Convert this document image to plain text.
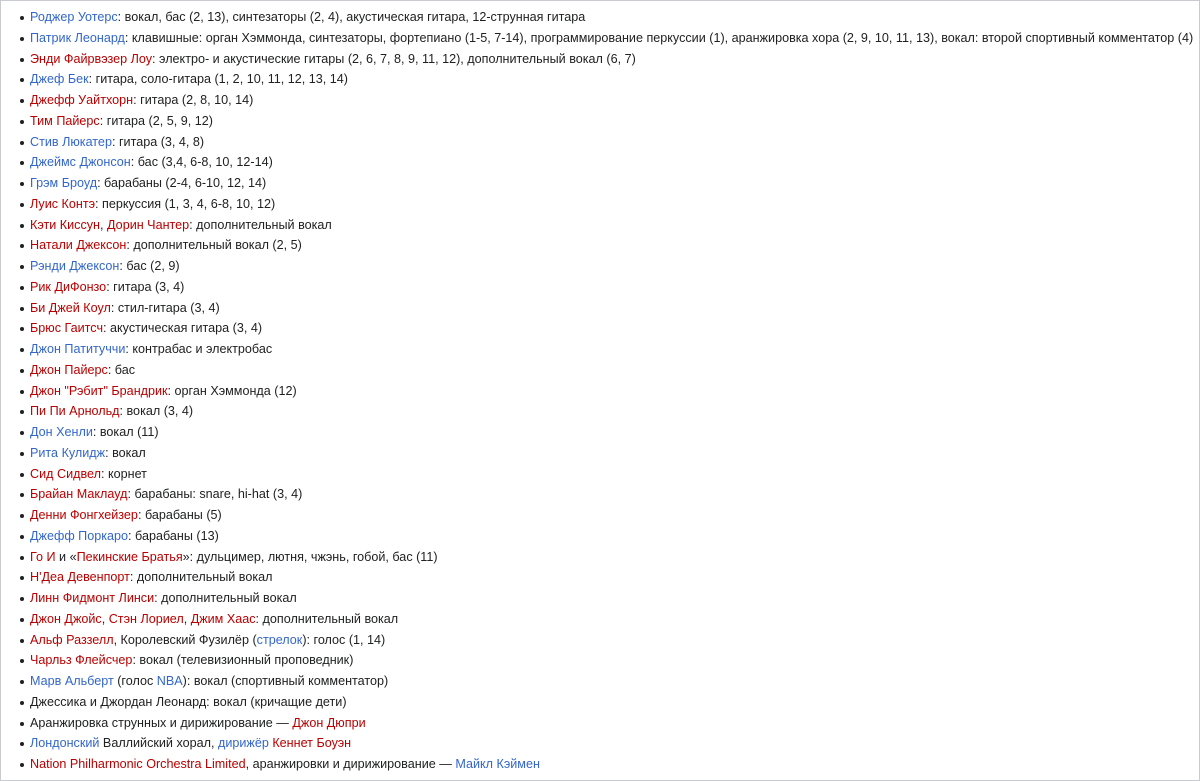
Роджер Уотерс: вокал, бас (2, 13), синтезаторы (2, 4), акустическая гитара, 12-струнная гитара
Патрик Леонард: клавишные: орган Хэммонда, синтезаторы, фортепиано (1-5, 7-14), программирование перкуссии (1), аранжировка хора (2, 9, 10, 11, 13), вокал: второй спортивный комментатор (4)
Энди Файрвэзер Лоу: электро- и акустические гитары (2, 6, 7, 8, 9, 11, 12), дополнительный вокал (6, 7)
Джеф Бек: гитара, соло-гитара (1, 2, 10, 11, 12, 13, 14)
Джефф Уайтхорн: гитара (2, 8, 10, 14)
Тим Пайерс: гитара (2, 5, 9, 12)
Стив Люкатер: гитара (3, 4, 8)
Джеймс Джонсон: бас (3,4, 6-8, 10, 12-14)
Грэм Броуд: барабаны (2-4, 6-10, 12, 14)
Луис Контэ: перкуссия (1, 3, 4, 6-8, 10, 12)
Кэти Киссун, Дорин Чантер: дополнительный вокал
Натали Джексон: дополнительный вокал (2, 5)
Рэнди Джексон: бас (2, 9)
Рик ДиФонзо: гитара (3, 4)
Би Джей Коул: стил-гитара (3, 4)
Брюс Гаитсч: акустическая гитара (3, 4)
Джон Патитуччи: контрабас и электробас
Джон Пайерс: бас
Джон "Рэбит" Брандрик: орган Хэммонда (12)
Пи Пи Арнольд: вокал (3, 4)
Дон Хенли: вокал (11)
Рита Кулидж: вокал
Сид Сидвел: корнет
Брайан Маклауд: барабаны: snare, hi-hat (3, 4)
Денни Фонгхейзер: барабаны (5)
Джефф Поркаро: барабаны (13)
Го И и «Пекинские Братья»: дульцимер, лютня, чжэнь, гобой, бас (11)
Н'Деа Девенпорт: дополнительный вокал
Линн Фидмонт Линси: дополнительный вокал
Джон Джойс, Стэн Лориел, Джим Хаас: дополнительный вокал
Альф Раззелл, Королевский Фузилёр (стрелок): голос (1, 14)
Чарльз Флейсчер: вокал (телевизионный проповедник)
Марв Альберт (голос NBA): вокал (спортивный комментатор)
Джессика и Джордан Леонард: вокал (кричащие дети)
Аранжировка струнных и дирижирование — Джон Дюпри
Лондонский Валлийский хорал, дирижёр Кеннет Боуэн
Nation Philharmonic Orchestra Limited, аранжировки и дирижирование — Майкл Кэймен
